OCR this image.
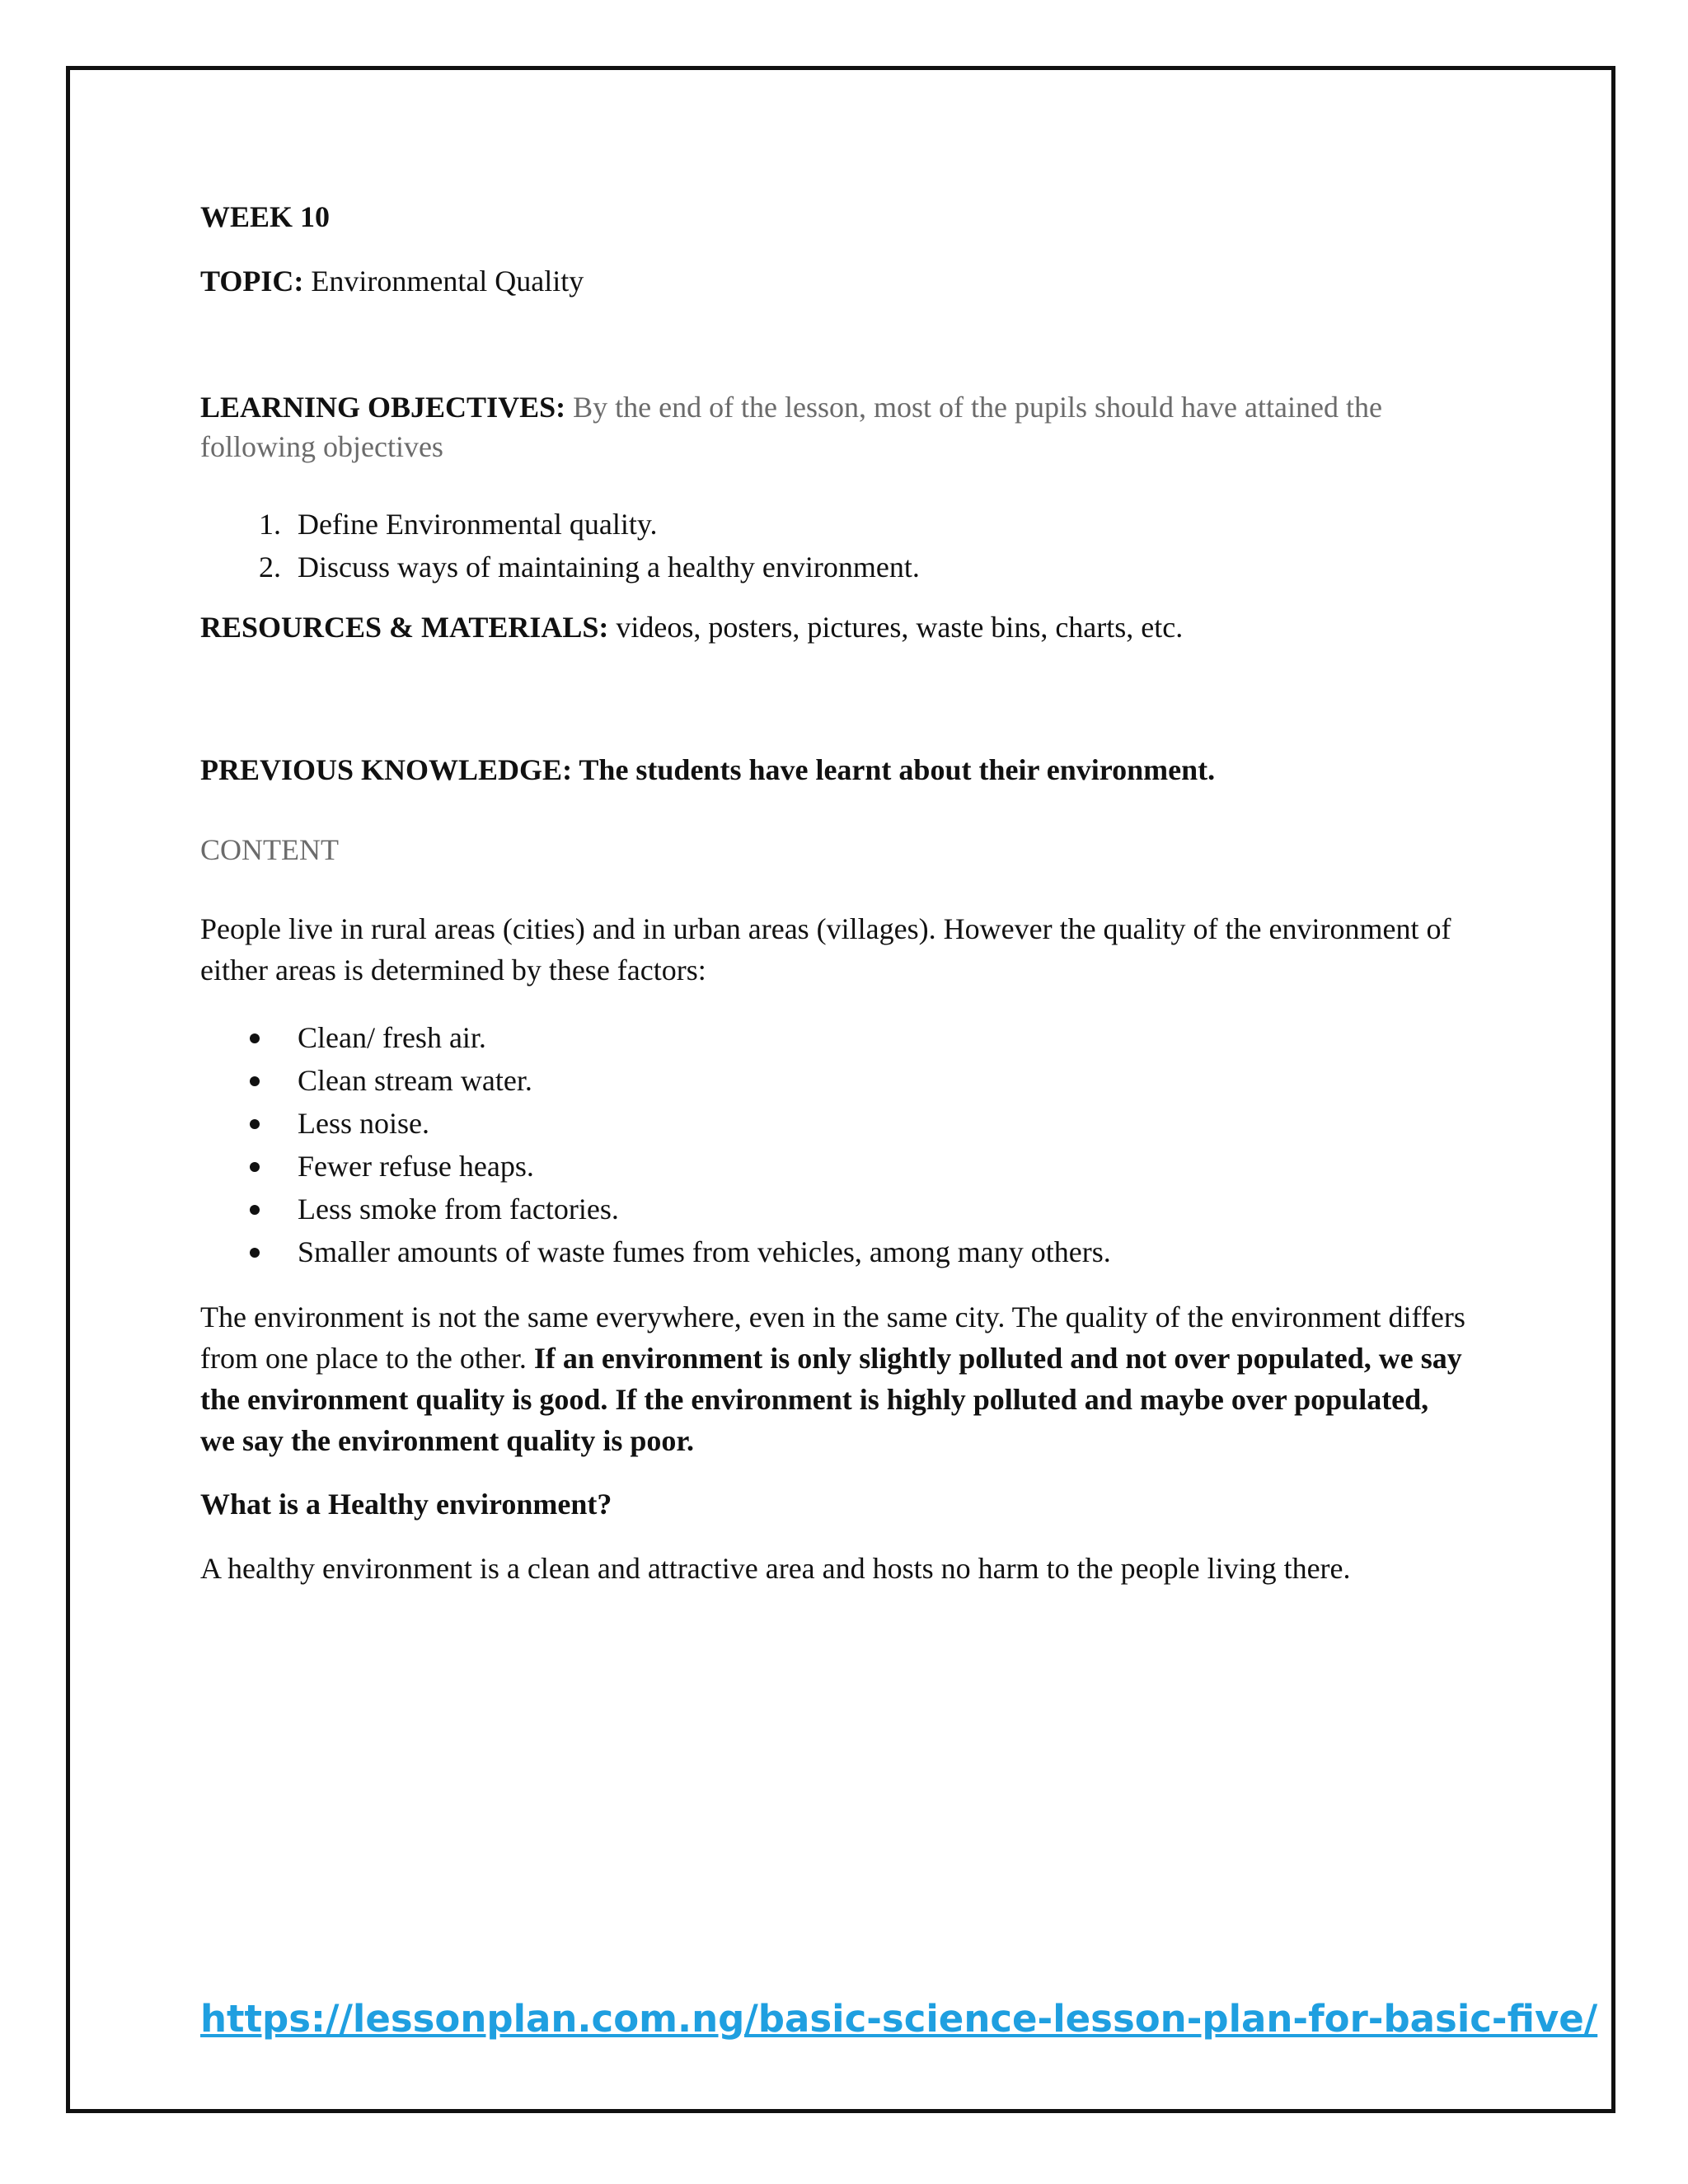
WEEK 10

TOPIC: Environmental Quality

LEARNING OBJECTIVES: By the end of the lesson, most of the pupils should have attained the following objectives

1. Define Environmental quality.
2. Discuss ways of maintaining a healthy environment.

RESOURCES & MATERIALS: videos, posters, pictures, waste bins, charts, etc.

PREVIOUS KNOWLEDGE: The students have learnt about their environment.

CONTENT

People live in rural areas (cities) and in urban areas (villages). However the quality of the environment of either areas is determined by these factors:

Clean/ fresh air.
Clean stream water.
Less noise.
Fewer refuse heaps.
Less smoke from factories.
Smaller amounts of waste fumes from vehicles, among many others.

The environment is not the same everywhere, even in the same city. The quality of the environment differs from one place to the other. If an environment is only slightly polluted and not over populated, we say the environment quality is good. If the environment is highly polluted and maybe over populated, we say the environment quality is poor.

What is a Healthy environment?

A healthy environment is a clean and attractive area and hosts no harm to the people living there.

https://lessonplan.com.ng/basic-science-lesson-plan-for-basic-five/
